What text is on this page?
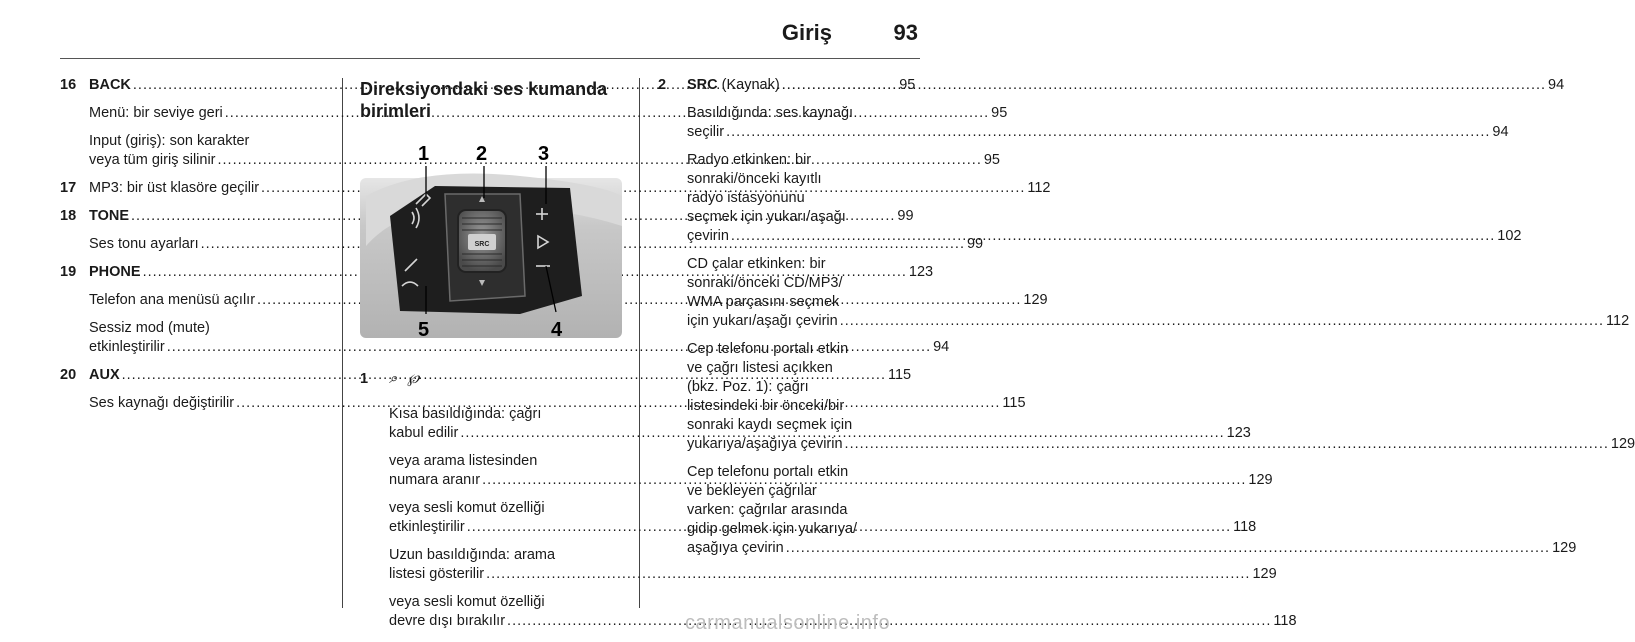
Giriş	93
16 BACK .....	95
Menü: bir seviye geri .....	95
Input (giriş): son karakter
veya tüm giriş silinir .....	95
17 MP3: bir üst klasöre geçilir .....	112
18 TONE .....	99
Ses tonu ayarları .....	99
19 PHONE .....	123
Telefon ana menüsü açılır .....	129
Sessiz mod (mute)
etkinleştirilir .....	94
20 AUX .....	115
Ses kaynağı değiştirilir .....	115
Direksiyondaki ses kumanda
birimleri
SRC
1 2	3
4
5
1	⌕ ℘
Kısa basıldığında: çağrı
kabul edilir .....	123
veya arama listesinden
numara aranır .....	129
veya sesli komut özelliği
etkinleştirilir .....	118
Uzun basıldığında: arama
listesi gösterilir .....	129
veya sesli komut özelliği
devre dışı bırakılır .....	118
2	SRC (Kaynak) .....	94
Basıldığında: ses kaynağı
seçilir .....	94
Radyo etkinken: bir
sonraki/önceki kayıtlı
radyo istasyonunu
seçmek için yukarı/aşağı
çevirin .....	102
CD çalar etkinken: bir
sonraki/önceki CD/MP3/
WMA parçasını seçmek
için yukarı/aşağı çevirin .....	112
Cep telefonu portalı etkin
ve çağrı listesi açıkken
(bkz. Poz. 1): çağrı
listesindeki bir önceki/bir
sonraki kaydı seçmek için
yukarıya/aşağıya çevirin .....	129
Cep telefonu portalı etkin
ve bekleyen çağrılar
varken: çağrılar arasında
gidip gelmek için yukarıya/
aşağıya çevirin .....	129
carmanualsonline.info
